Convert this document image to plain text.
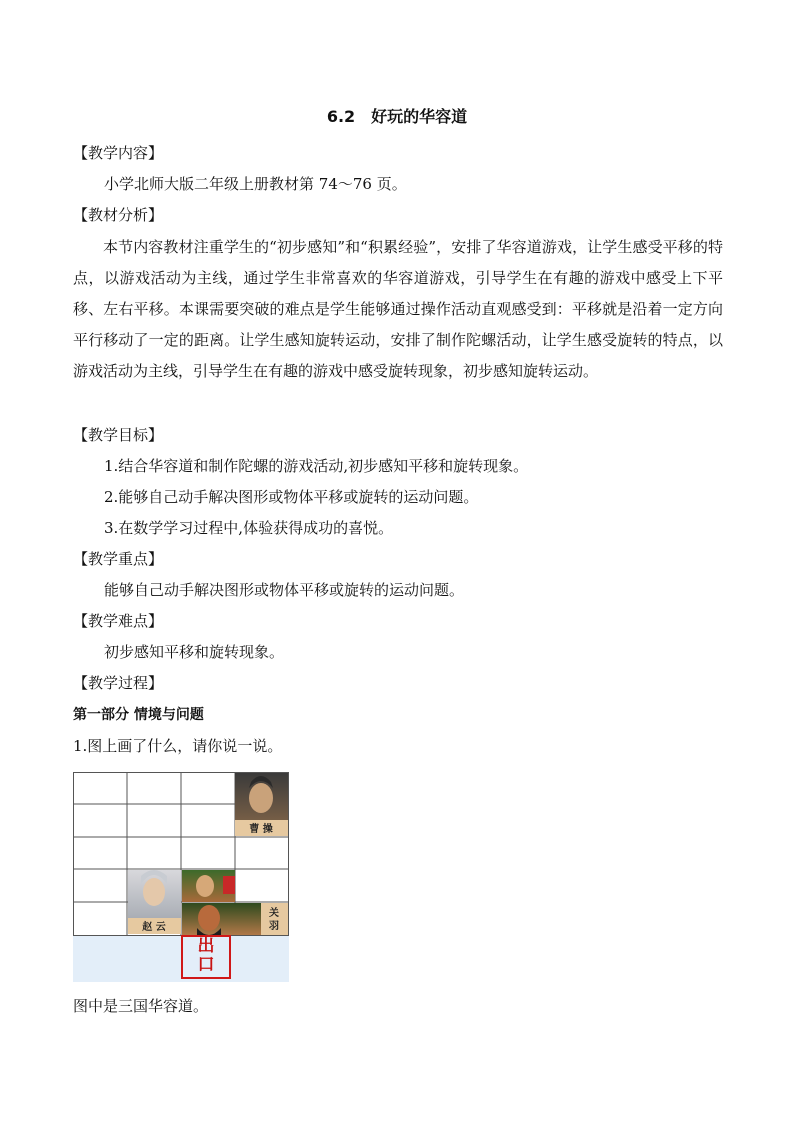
6.2　好玩的华容道
【教学内容】
小学北师大版二年级上册教材第 74～76 页。
【教材分析】
本节内容教材注重学生的“初步感知”和“积累经验”，安排了华容道游戏，让学生感受平移的特点，以游戏活动为主线，通过学生非常喜欢的华容道游戏，引导学生在有趣的游戏中感受上下平移、左右平移。本课需要突破的难点是学生能够通过操作活动直观感受到：平移就是沿着一定方向平行移动了一定的距离。让学生感知旋转运动，安排了制作陀螺活动，让学生感受旋转的特点，以游戏活动为主线，引导学生在有趣的游戏中感受旋转现象，初步感知旋转运动。
【教学目标】
1.结合华容道和制作陀螺的游戏活动,初步感知平移和旋转现象。
2.能够自己动手解决图形或物体平移或旋转的运动问题。
3.在数学学习过程中,体验获得成功的喜悦。
【教学重点】
能够自己动手解决图形或物体平移或旋转的运动问题。
【教学难点】
初步感知平移和旋转现象。
【教学过程】
第一部分 情境与问题
1.图上画了什么，请你说一说。
曹 操
赵 云
关
羽
出
口
图中是三国华容道。
